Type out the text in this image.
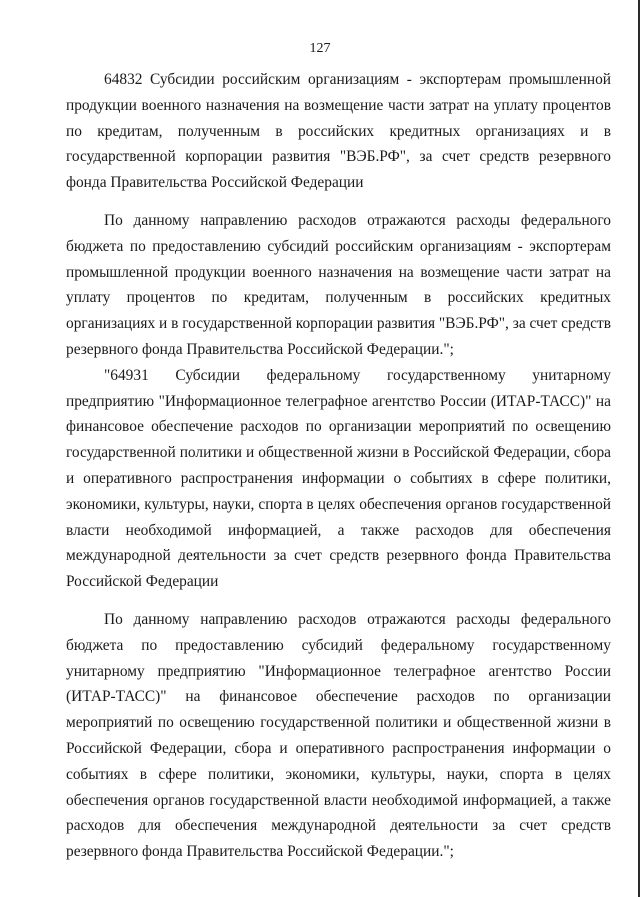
127

64832 Субсидии российским организациям - экспортерам промышленной продукции военного назначения на возмещение части затрат на уплату процентов по кредитам, полученным в российских кредитных организациях и в государственной корпорации развития "ВЭБ.РФ", за счет средств резервного фонда Правительства Российской Федерации

По данному направлению расходов отражаются расходы федерального бюджета по предоставлению субсидий российским организациям - экспортерам промышленной продукции военного назначения на возмещение части затрат на уплату процентов по кредитам, полученным в российских кредитных организациях и в государственной корпорации развития "ВЭБ.РФ", за счет средств резервного фонда Правительства Российской Федерации.";

"64931 Субсидии федеральному государственному унитарному предприятию "Информационное телеграфное агентство России (ИТАР-ТАСС)" на финансовое обеспечение расходов по организации мероприятий по освещению государственной политики и общественной жизни в Российской Федерации, сбора и оперативного распространения информации о событиях в сфере политики, экономики, культуры, науки, спорта в целях обеспечения органов государственной власти необходимой информацией, а также расходов для обеспечения международной деятельности за счет средств резервного фонда Правительства Российской Федерации

По данному направлению расходов отражаются расходы федерального бюджета по предоставлению субсидий федеральному государственному унитарному предприятию "Информационное телеграфное агентство России (ИТАР-ТАСС)" на финансовое обеспечение расходов по организации мероприятий по освещению государственной политики и общественной жизни в Российской Федерации, сбора и оперативного распространения информации о событиях в сфере политики, экономики, культуры, науки, спорта в целях обеспечения органов государственной власти необходимой информацией, а также расходов для обеспечения международной деятельности за счет средств резервного фонда Правительства Российской Федерации.";
